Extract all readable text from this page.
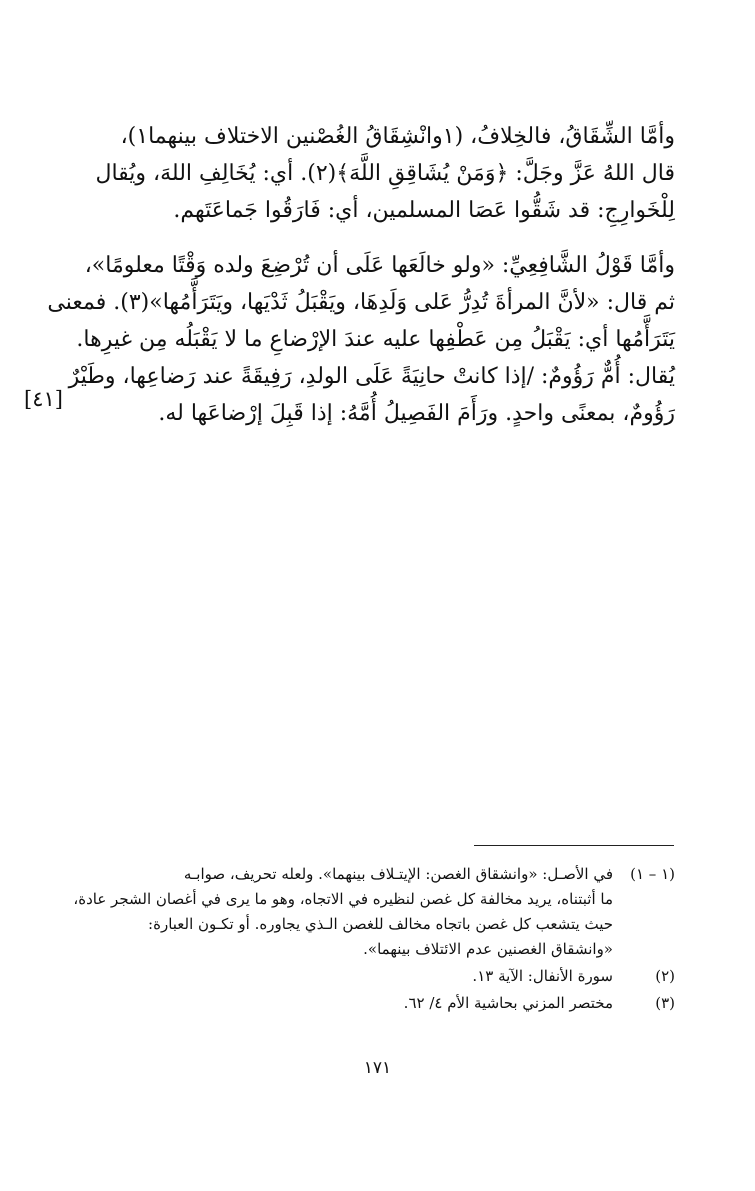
وأمَّا الشِّقَاقُ، فالخِلافُ، (١وانْشِقَاقُ الغُصْنين الاختلاف بينهما١)،
قال اللهُ عَزَّ وجَلَّ: ﴿وَمَنْ يُشَاقِقِ اللَّهَ﴾(٢). أي: يُخَالِفِ اللهَ، ويُقال
لِلْخَوارِجِ: قد شَقُّوا عَصَا المسلمين، أي: فَارَقُوا جَماعَتَهم.

وأمَّا قَوْلُ الشَّافِعِيِّ: «ولو خالَعَها عَلَى أن تُرْضِعَ ولده وَقْتًا معلومًا»،
ثم قال: «لأنَّ المرأةَ تُدِرُّ عَلى وَلَدِهَا، ويَقْبَلُ ثَدْيَها، ويَتَرَأَّمُها»(٣). فمعنى
يَتَرَأَّمُها أي: يَقْبَلُ مِن عَطْفِها عليه عندَ الإرْضاعِ ما لا يَقْبَلُه مِن غيرِها.
يُقال: أُمٌّ رَؤُومٌ: /إذا كانتْ حانِيَةً عَلَى الولدِ، رَفِيقَةً عند رَضاعِها، وطَيْرٌ
رَؤُومٌ، بمعنًى واحدٍ. ورَأَمَ الفَصِيلُ أُمَّهُ: إذا قَبِلَ إرْضاعَها له.

[٤١]
(١ – ١)
في الأصـل: «وانشقاق الغصن: الإيتـلاف بينهما». ولعله تحريف، صوابـه
ما أثبتناه، يريد مخالفة كل غصن لنظيره في الاتجاه، وهو ما يرى في أغصان الشجر عادة،
حيث يتشعب كل غصن باتجاه مخالف للغصن الـذي يجاوره. أو تكـون العبارة:
«وانشقاق الغصنين عدم الائتلاف بينهما».
(٢)
سورة الأنفال: الآية ١٣.
(٣)
مختصر المزني بحاشية الأم ٤/ ٦٢.
١٧١
